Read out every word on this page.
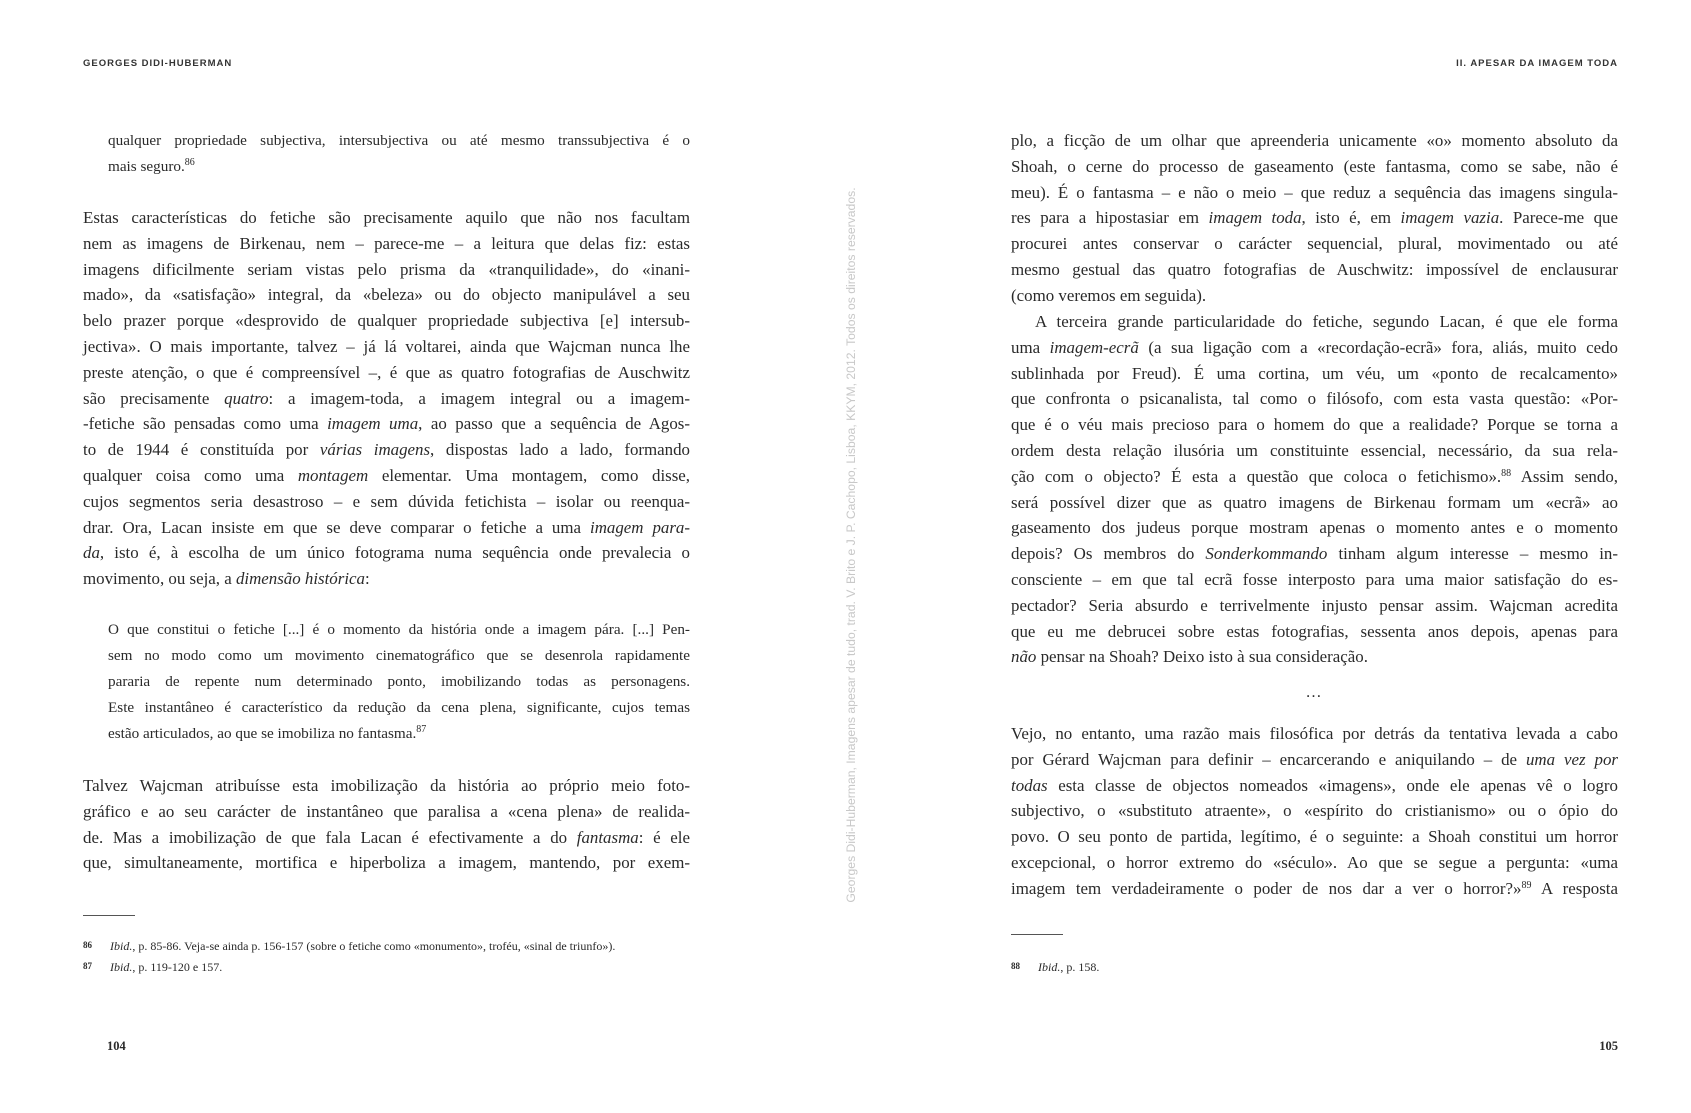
GEORGES DIDI-HUBERMAN	II. APESAR DA IMAGEM TODA
qualquer propriedade subjectiva, intersubjectiva ou até mesmo transsubjectiva é o
mais seguro.$^{86}$
Estas características do fetiche são precisamente aquilo que não nos facultam
nem as imagens de Birkenau, nem – parece-me – a leitura que delas fiz: estas
imagens dificilmente seriam vistas pelo prisma da «tranquilidade», do «inani-
mado», da «satisfação» integral, da «beleza» ou do objecto manipulável a seu
belo prazer porque «desprovido de qualquer propriedade subjectiva [e] intersub-
jectiva». O mais importante, talvez – já lá voltarei, ainda que Wajcman nunca lhe
preste atenção, o que é compreensível –, é que as quatro fotografias de Auschwitz
são precisamente quatro: a imagem-toda, a imagem integral ou a imagem-
-fetiche são pensadas como uma imagem uma, ao passo que a sequência de Agos-
to de 1944 é constituída por várias imagens, dispostas lado a lado, formando
qualquer coisa como uma montagem elementar. Uma montagem, como disse,
cujos segmentos seria desastroso – e sem dúvida fetichista – isolar ou reenqua-
drar. Ora, Lacan insiste em que se deve comparar o fetiche a uma imagem para-
da, isto é, à escolha de um único fotograma numa sequência onde prevalecia o
movimento, ou seja, a dimensão histórica:
O que constitui o fetiche [...] é o momento da história onde a imagem pára. [...] Pen-
sem no modo como um movimento cinematográfico que se desenrola rapidamente
pararia de repente num determinado ponto, imobilizando todas as personagens.
Este instantâneo é característico da redução da cena plena, significante, cujos temas
estão articulados, ao que se imobiliza no fantasma.$^{87}$
Talvez Wajcman atribuísse esta imobilização da história ao próprio meio foto-
gráfico e ao seu carácter de instantâneo que paralisa a «cena plena» de realida-
de. Mas a imobilização de que fala Lacan é efectivamente a do fantasma: é ele
que, simultaneamente, mortifica e hiperboliza a imagem, mantendo, por exem-
plo, a ficção de um olhar que apreenderia unicamente «o» momento absoluto da
Shoah, o cerne do processo de gaseamento (este fantasma, como se sabe, não é
meu). É o fantasma – e não o meio – que reduz a sequência das imagens singula-
res para a hipostasiar em imagem toda, isto é, em imagem vazia. Parece-me que
procurei antes conservar o carácter sequencial, plural, movimentado ou até
mesmo gestual das quatro fotografias de Auschwitz: impossível de enclausurar
(como veremos em seguida).
A terceira grande particularidade do fetiche, segundo Lacan, é que ele forma
uma imagem-ecrã (a sua ligação com a «recordação-ecrã» fora, aliás, muito cedo
sublinhada por Freud). É uma cortina, um véu, um «ponto de recalcamento»
que confronta o psicanalista, tal como o filósofo, com esta vasta questão: «Por-
que é o véu mais precioso para o homem do que a realidade? Porque se torna a
ordem desta relação ilusória um constituinte essencial, necessário, da sua rela-
ção com o objecto? É esta a questão que coloca o fetichismo».$^{88}$ Assim sendo,
será possível dizer que as quatro imagens de Birkenau formam um «ecrã» ao
gaseamento dos judeus porque mostram apenas o momento antes e o momento
depois? Os membros do Sonderkommando tinham algum interesse – mesmo in-
consciente – em que tal ecrã fosse interposto para uma maior satisfação do es-
pectador? Seria absurdo e terrivelmente injusto pensar assim. Wajcman acredita
que eu me debrucei sobre estas fotografias, sessenta anos depois, apenas para
não pensar na Shoah? Deixo isto à sua consideração.
Vejo, no entanto, uma razão mais filosófica por detrás da tentativa levada a cabo
por Gérard Wajcman para definir – encarcerando e aniquilando – de uma vez por
todas esta classe de objectos nomeados «imagens», onde ele apenas vê o logro
subjectivo, o «substituto atraente», o «espírito do cristianismo» ou o ópio do
povo. O seu ponto de partida, legítimo, é o seguinte: a Shoah constitui um horror
excepcional, o horror extremo do «século». Ao que se segue a pergunta: «uma
imagem tem verdadeiramente o poder de nos dar a ver o horror?»$^{89}$ A resposta
…
86 Ibid., p. 85-86. Veja-se ainda p. 156-157 (sobre o fetiche como «monumento», troféu, «sinal de triunfo»).
87 Ibid., p. 119-120 e 157.	88 Ibid., p. 158.
104	105
Georges Didi-Huberman, Imagens apesar de tudo, trad. V. Brito e J. P. Cachopo, Lisboa, KKYM, 2012. Todos os direitos reservados.
